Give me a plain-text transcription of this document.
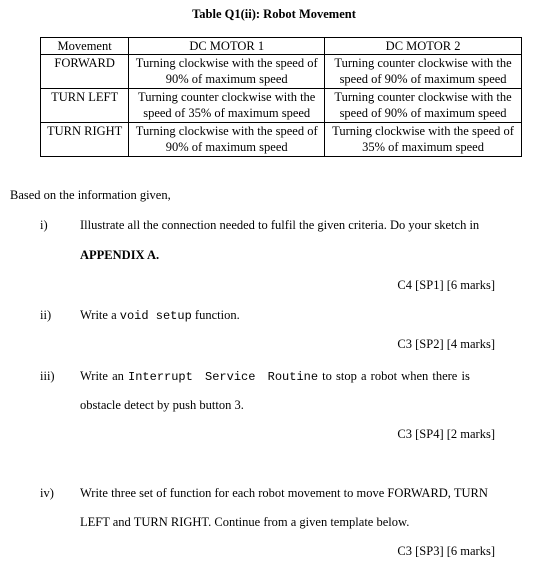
Table Q1(ii): Robot Movement
Movement	DC MOTOR 1	DC MOTOR 2
FORWARD	Turning clockwise with the speed of 90% of maximum speed	Turning counter clockwise with the speed of 90% of maximum speed
TURN LEFT	Turning counter clockwise with the speed of 35% of maximum speed	Turning counter clockwise with the speed of 90% of maximum speed
TURN RIGHT	Turning clockwise with the speed of 90% of maximum speed	Turning clockwise with the speed of 35% of maximum speed
Based on the information given,
i)	Illustrate all the connection needed to fulfil the given criteria. Do your sketch in
APPENDIX A.
C4 [SP1] [6 marks]
ii) Write a void setup function.
C3 [SP2] [4 marks]
iii) Write an Interrupt Service Routine to stop a robot when there is
obstacle detect by push button 3.
C3 [SP4] [2 marks]
iv) Write three set of function for each robot movement to move FORWARD, TURN
LEFT and TURN RIGHT. Continue from a given template below.
C3 [SP3] [6 marks]
